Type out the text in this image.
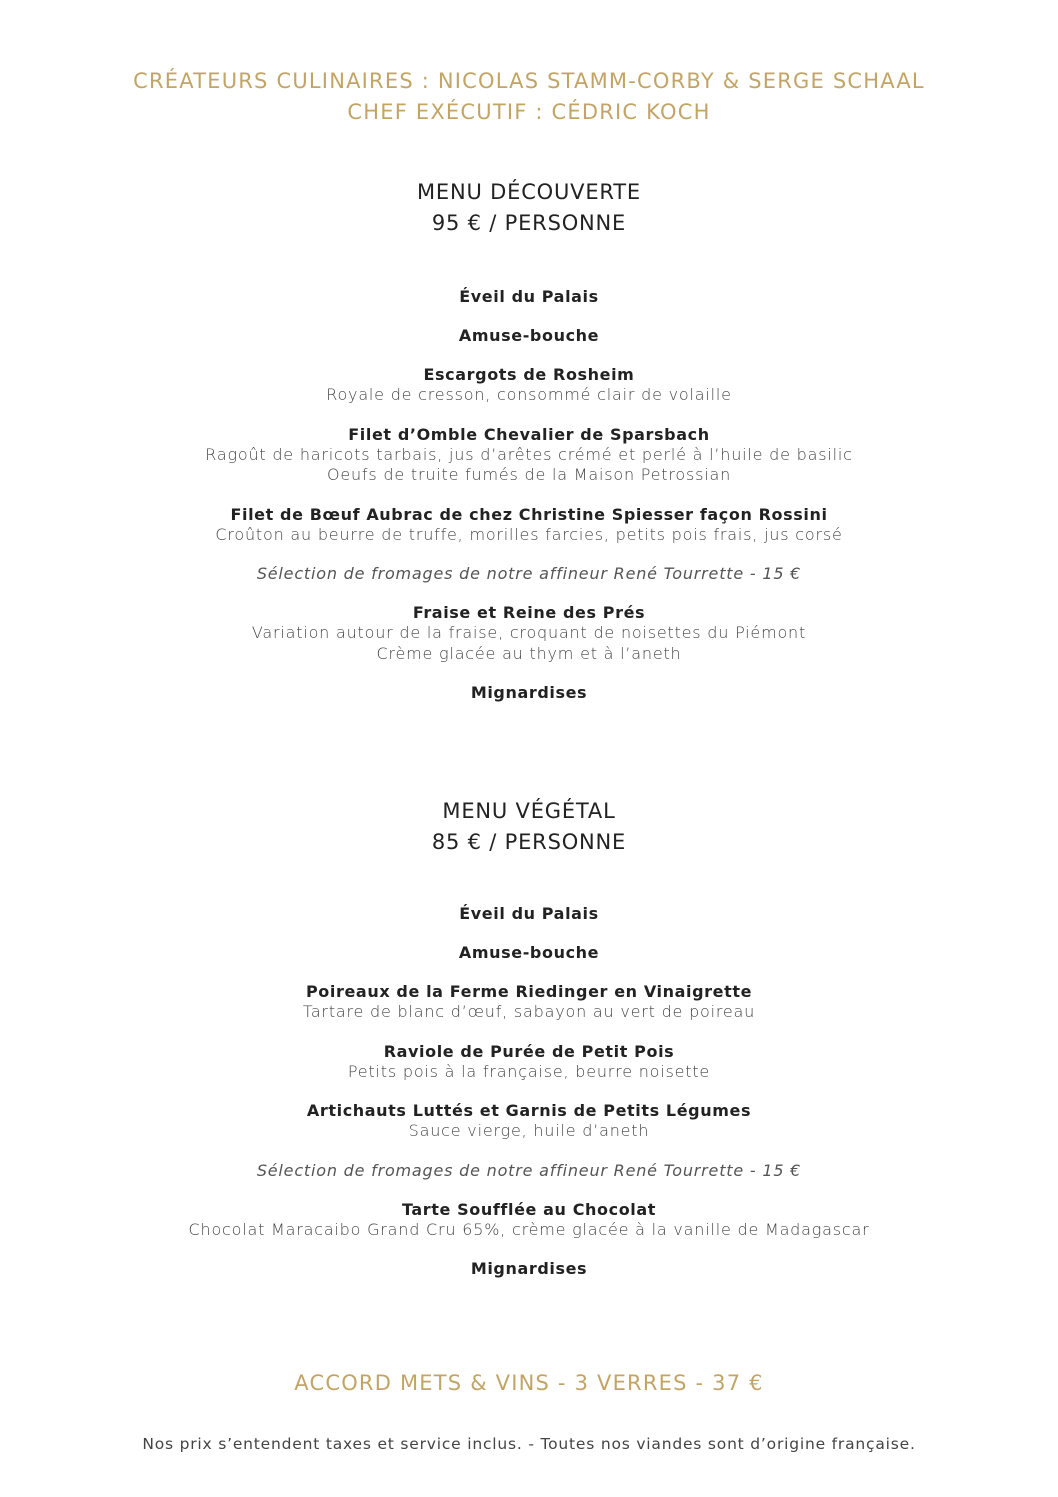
CRÉATEURS CULINAIRES : NICOLAS STAMM-CORBY & SERGE SCHAAL
CHEF EXÉCUTIF : CÉDRIC KOCH
MENU DÉCOUVERTE
95 € / PERSONNE
Éveil du Palais
Amuse-bouche
Escargots de Rosheim
Royale de cresson, consommé clair de volaille
Filet d’Omble Chevalier de Sparsbach
Ragoût de haricots tarbais, jus d’arêtes crémé et perlé à l’huile de basilic
Oeufs de truite fumés de la Maison Petrossian
Filet de Bœuf Aubrac de chez Christine Spiesser façon Rossini
Croûton au beurre de truffe, morilles farcies, petits pois frais, jus corsé
Sélection de fromages de notre affineur René Tourrette - 15 €
Fraise et Reine des Prés
Variation autour de la fraise, croquant de noisettes du Piémont
Crème glacée au thym et à l’aneth
Mignardises
MENU VÉGÉTAL
85 € / PERSONNE
Éveil du Palais
Amuse-bouche
Poireaux de la Ferme Riedinger en Vinaigrette
Tartare de blanc d’œuf, sabayon au vert de poireau
Raviole de Purée de Petit Pois
Petits pois à la française, beurre noisette
Artichauts Luttés et Garnis de Petits Légumes
Sauce vierge, huile d’aneth
Sélection de fromages de notre affineur René Tourrette - 15 €
Tarte Soufflée au Chocolat
Chocolat Maracaibo Grand Cru 65%, crème glacée à la vanille de Madagascar
Mignardises
ACCORD METS & VINS - 3 VERRES - 37 €
Nos prix s’entendent taxes et service inclus. - Toutes nos viandes sont d’origine française.
